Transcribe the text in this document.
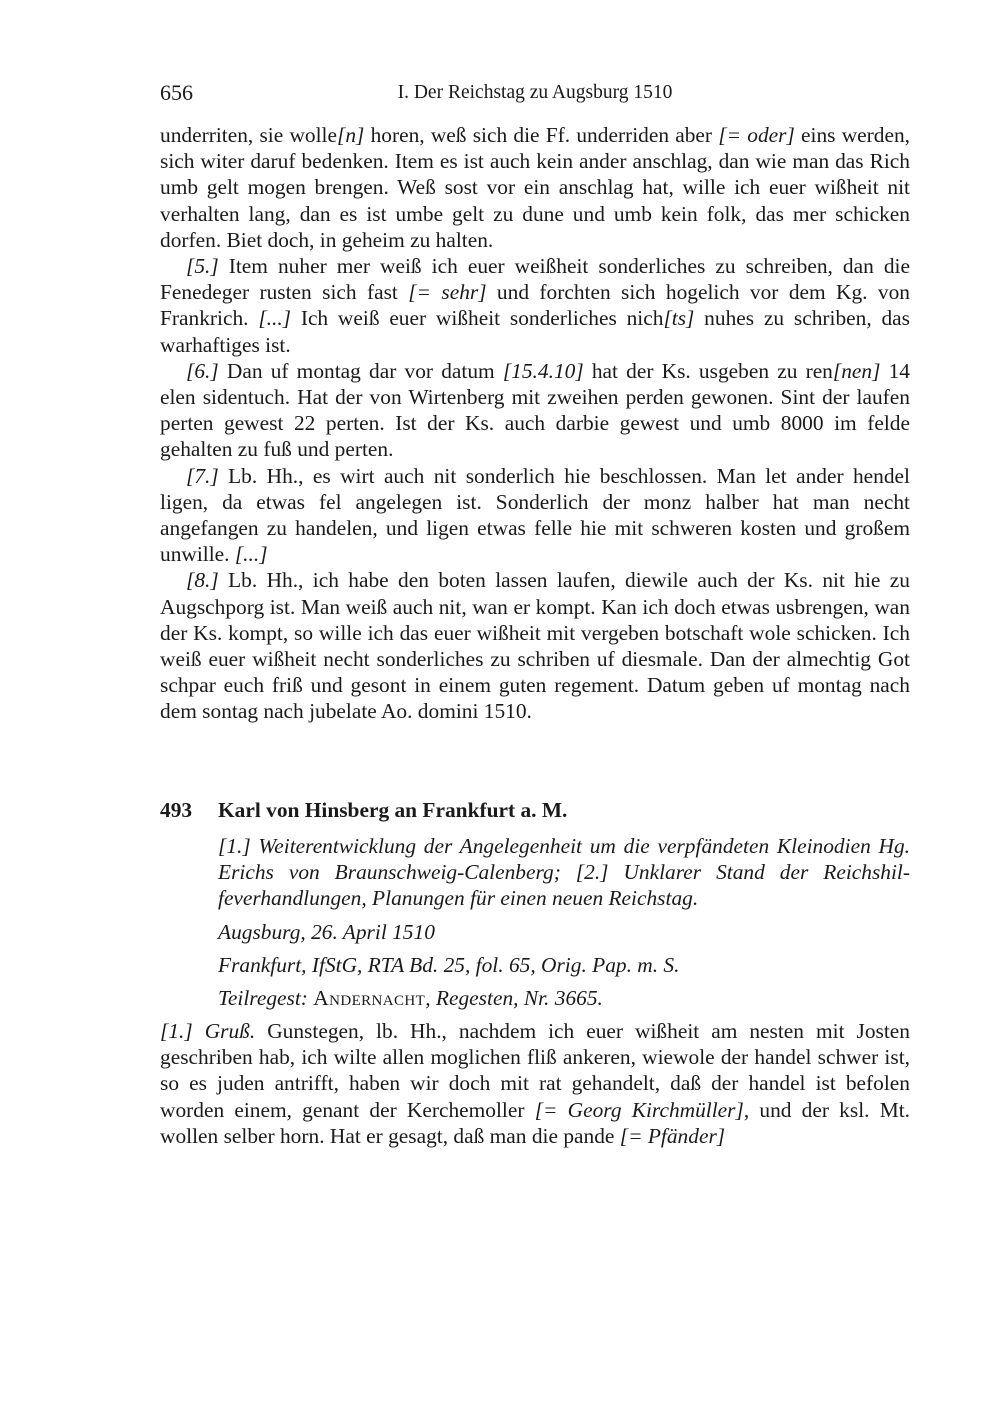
656	I. Der Reichstag zu Augsburg 1510

underriten, sie wolle[n] horen, weß sich die Ff. underriden aber [= oder] eins werden, sich witer daruf bedenken. Item es ist auch kein ander anschlag, dan wie man das Rich umb gelt mogen brengen. Weß sost vor ein anschlag hat, wille ich euer wißheit nit verhalten lang, dan es ist umbe gelt zu dune und umb kein folk, das mer schicken dorfen. Biet doch, in geheim zu halten.

[5.] Item nuher mer weiß ich euer weißheit sonderliches zu schreiben, dan die Fenedeger rusten sich fast [= sehr] und forchten sich hogelich vor dem Kg. von Frankrich. [...] Ich weiß euer wißheit sonderliches nich[ts] nuhes zu schriben, das warhaftiges ist.

[6.] Dan uf montag dar vor datum [15.4.10] hat der Ks. usgeben zu ren[nen] 14 elen sidentuch. Hat der von Wirtenberg mit zweihen perden gewonen. Sint der laufen perten gewest 22 perten. Ist der Ks. auch darbie gewest und umb 8000 im felde gehalten zu fuß und perten.

[7.] Lb. Hh., es wirt auch nit sonderlich hie beschlossen. Man let ander hendel ligen, da etwas fel angelegen ist. Sonderlich der monz halber hat man necht angefangen zu handelen, und ligen etwas felle hie mit schweren kosten und großem unwille. [...]

[8.] Lb. Hh., ich habe den boten lassen laufen, diewile auch der Ks. nit hie zu Augschporg ist. Man weiß auch nit, wan er kompt. Kan ich doch etwas usbrengen, wan der Ks. kompt, so wille ich das euer wißheit mit vergeben botschaft wole schicken. Ich weiß euer wißheit necht sonderliches zu schriben uf diesmale. Dan der almechtig Got schpar euch friß und gesont in einem guten regement. Datum geben uf montag nach dem sontag nach jubelate Ao. domini 1510.

493 Karl von Hinsberg an Frankfurt a. M.

[1.] Weiterentwicklung der Angelegenheit um die verpfändeten Kleinodien Hg. Erichs von Braunschweig-Calenberg; [2.] Unklarer Stand der Reichshilfeverhandlungen, Planungen für einen neuen Reichstag.

Augsburg, 26. April 1510

Frankfurt, IfStG, RTA Bd. 25, fol. 65, Orig. Pap. m. S.

Teilregest: Andernacht, Regesten, Nr. 3665.

[1.] Gruß. Gunstegen, lb. Hh., nachdem ich euer wißheit am nesten mit Josten geschriben hab, ich wilte allen moglichen fliß ankeren, wiewole der handel schwer ist, so es juden antrifft, haben wir doch mit rat gehandelt, daß der handel ist befolen worden einem, genant der Kerchemoller [= Georg Kirchmüller], und der ksl. Mt. wollen selber horn. Hat er gesagt, daß man die pande [= Pfänder]
